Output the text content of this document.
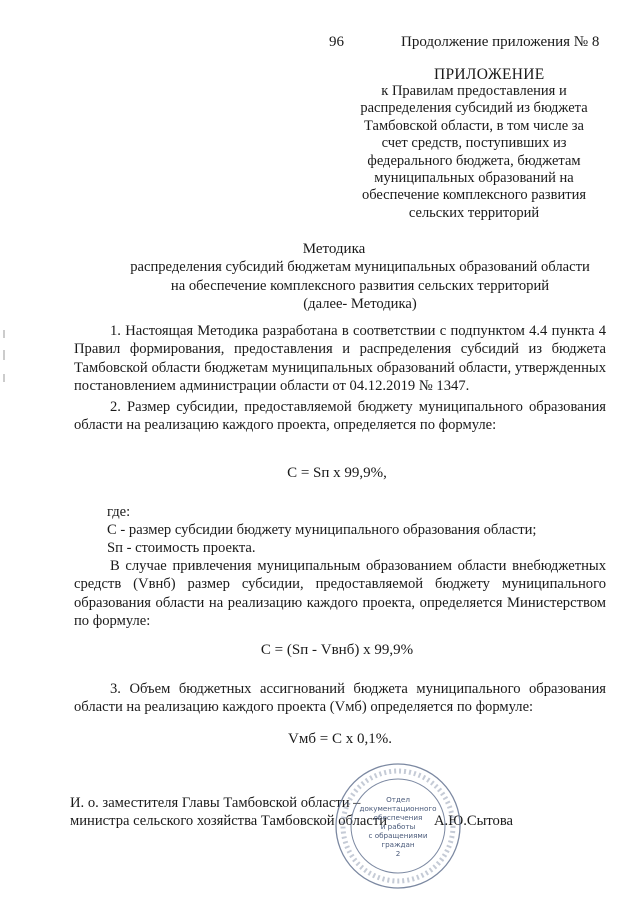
96	Продолжение приложения № 8
ПРИЛОЖЕНИЕ
к Правилам предоставления и
распределения субсидий из бюджета
Тамбовской области, в том числе за
счет средств, поступивших из
федерального бюджета, бюджетам
муниципальных образований на
обеспечение комплексного развития
сельских территорий
Методика
распределения субсидий бюджетам муниципальных образований области
на обеспечение комплексного развития сельских территорий
(далее- Методика)
1. Настоящая Методика разработана в соответствии с подпунктом 4.4 пункта 4 Правил формирования, предоставления и распределения субсидий из бюджета Тамбовской области бюджетам муниципальных образований области, утвержденных постановлением администрации области от 04.12.2019 № 1347.
2. Размер субсидии, предоставляемой бюджету муниципального образования области на реализацию каждого проекта, определяется по формуле:
С = Sп х 99,9%,
где:
С - размер субсидии бюджету муниципального образования области;
Sп - стоимость проекта.
В случае привлечения муниципальным образованием области внебюджетных средств (Vвнб) размер субсидии, предоставляемой бюджету муниципального образования области на реализацию каждого проекта, определяется Министерством по формуле:
С = (Sп - Vвнб) х 99,9%
3. Объем бюджетных ассигнований бюджета муниципального образования области на реализацию каждого проекта (Vмб) определяется по формуле:
Vмб = С х 0,1%.
И. о. заместителя Главы Тамбовской области –
министра сельского хозяйства Тамбовской области	А.Ю.Сытова
Отдел
документационного
обеспечения
и работы
с обращениями
граждан
2
